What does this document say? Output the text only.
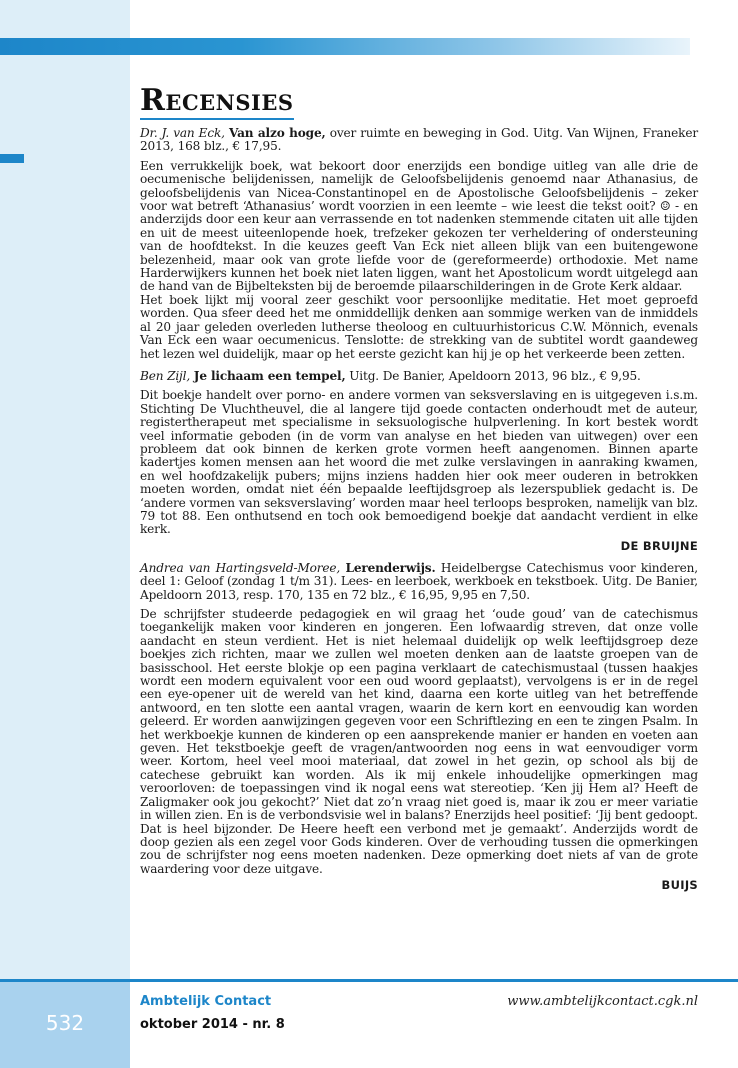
Recensies

Dr. J. van Eck, Van alzo hoge, over ruimte en beweging in God. Uitg. Van Wijnen, Franeker 2013, 168 blz., € 17,95.

Een verrukkelijk boek, wat bekoort door enerzijds een bondige uitleg van alle drie de oecumenische belijdenissen, namelijk de Geloofsbelijdenis genoemd naar Athanasius, de geloofsbelijdenis van Nicea-Constantinopel en de Apostolische Geloofsbelijdenis – zeker voor wat betreft ‘Athanasius’ wordt voorzien in een leemte – wie leest die tekst ooit? ☺ - en anderzijds door een keur aan verrassende en tot nadenken stemmende citaten uit alle tijden en uit de meest uiteenlopende hoek, trefzeker gekozen ter verheldering of ondersteuning van de hoofdtekst. In die keuzes geeft Van Eck niet alleen blijk van een buitengewone belezenheid, maar ook van grote liefde voor de (gereformeerde) orthodoxie. Met name Harderwijkers kunnen het boek niet laten liggen, want het Apostolicum wordt uitgelegd aan de hand van de Bijbelteksten bij de beroemde pilaarschilderingen in de Grote Kerk aldaar.

Het boek lijkt mij vooral zeer geschikt voor persoonlijke meditatie. Het moet geproefd worden. Qua sfeer deed het me onmiddellijk denken aan sommige werken van de inmiddels al 20 jaar geleden overleden lutherse theoloog en cultuurhistoricus C.W. Mönnich, evenals Van Eck een waar oecumenicus. Tenslotte: de strekking van de subtitel wordt gaandeweg het lezen wel duidelijk, maar op het eerste gezicht kan hij je op het verkeerde been zetten.

Ben Zijl, Je lichaam een tempel, Uitg. De Banier, Apeldoorn 2013, 96 blz., € 9,95.

Dit boekje handelt over porno- en andere vormen van seksverslaving en is uitgegeven i.s.m. Stichting De Vluchtheuvel, die al langere tijd goede contacten onderhoudt met de auteur, registertherapeut met specialisme in seksuologische hulpverlening. In kort bestek wordt veel informatie geboden (in de vorm van analyse en het bieden van uitwegen) over een probleem dat ook binnen de kerken grote vormen heeft aangenomen. Binnen aparte kadertjes komen mensen aan het woord die met zulke verslavingen in aanraking kwamen, en wel hoofdzakelijk pubers; mijns inziens hadden hier ook meer ouderen in betrokken moeten worden, omdat niet één bepaalde leeftijdsgroep als lezerspubliek gedacht is. De ‘andere vormen van seksverslaving’ worden maar heel terloops besproken, namelijk van blz. 79 tot 88. Een onthutsend en toch ook bemoedigend boekje dat aandacht verdient in elke kerk.

DE BRUIJNE

Andrea van Hartingsveld-Moree, Lerenderwijs. Heidelbergse Catechismus voor kinderen, deel 1: Geloof (zondag 1 t/m 31). Lees- en leerboek, werkboek en tekstboek. Uitg. De Banier, Apeldoorn 2013, resp. 170, 135 en 72 blz., € 16,95, 9,95 en 7,50.

De schrijfster studeerde pedagogiek en wil graag het ‘oude goud’ van de catechismus toegankelijk maken voor kinderen en jongeren. Een lofwaardig streven, dat onze volle aandacht en steun verdient. Het is niet helemaal duidelijk op welk leeftijdsgroep deze boekjes zich richten, maar we zullen wel moeten denken aan de laatste groepen van de basisschool. Het eerste blokje op een pagina verklaart de catechismustaal (tussen haakjes wordt een modern equivalent voor een oud woord geplaatst), vervolgens is er in de regel een eye-opener uit de wereld van het kind, daarna een korte uitleg van het betreffende antwoord, en ten slotte een aantal vragen, waarin de kern kort en eenvoudig kan worden geleerd. Er worden aanwijzingen gegeven voor een Schriftlezing en een te zingen Psalm. In het werkboekje kunnen de kinderen op een aansprekende manier er handen en voeten aan geven. Het tekstboekje geeft de vragen/antwoorden nog eens in wat eenvoudiger vorm weer. Kortom, heel veel mooi materiaal, dat zowel in het gezin, op school als bij de catechese gebruikt kan worden. Als ik mij enkele inhoudelijke opmerkingen mag veroorloven: de toepassingen vind ik nogal eens wat stereotiep. ‘Ken jij Hem al? Heeft de Zaligmaker ook jou gekocht?’ Niet dat zo’n vraag niet goed is, maar ik zou er meer variatie in willen zien. En is de verbondsvisie wel in balans? Enerzijds heel positief: ‘Jij bent gedoopt. Dat is heel bijzonder. De Heere heeft een verbond met je gemaakt’. Anderzijds wordt de doop gezien als een zegel voor Gods kinderen. Over de verhouding tussen die opmerkingen zou de schrijfster nog eens moeten nadenken. Deze opmerking doet niets af van de grote waardering voor deze uitgave.

BUIJS
532
Ambtelijk Contact
oktober 2014 - nr. 8
www.ambtelijkcontact.cgk.nl
